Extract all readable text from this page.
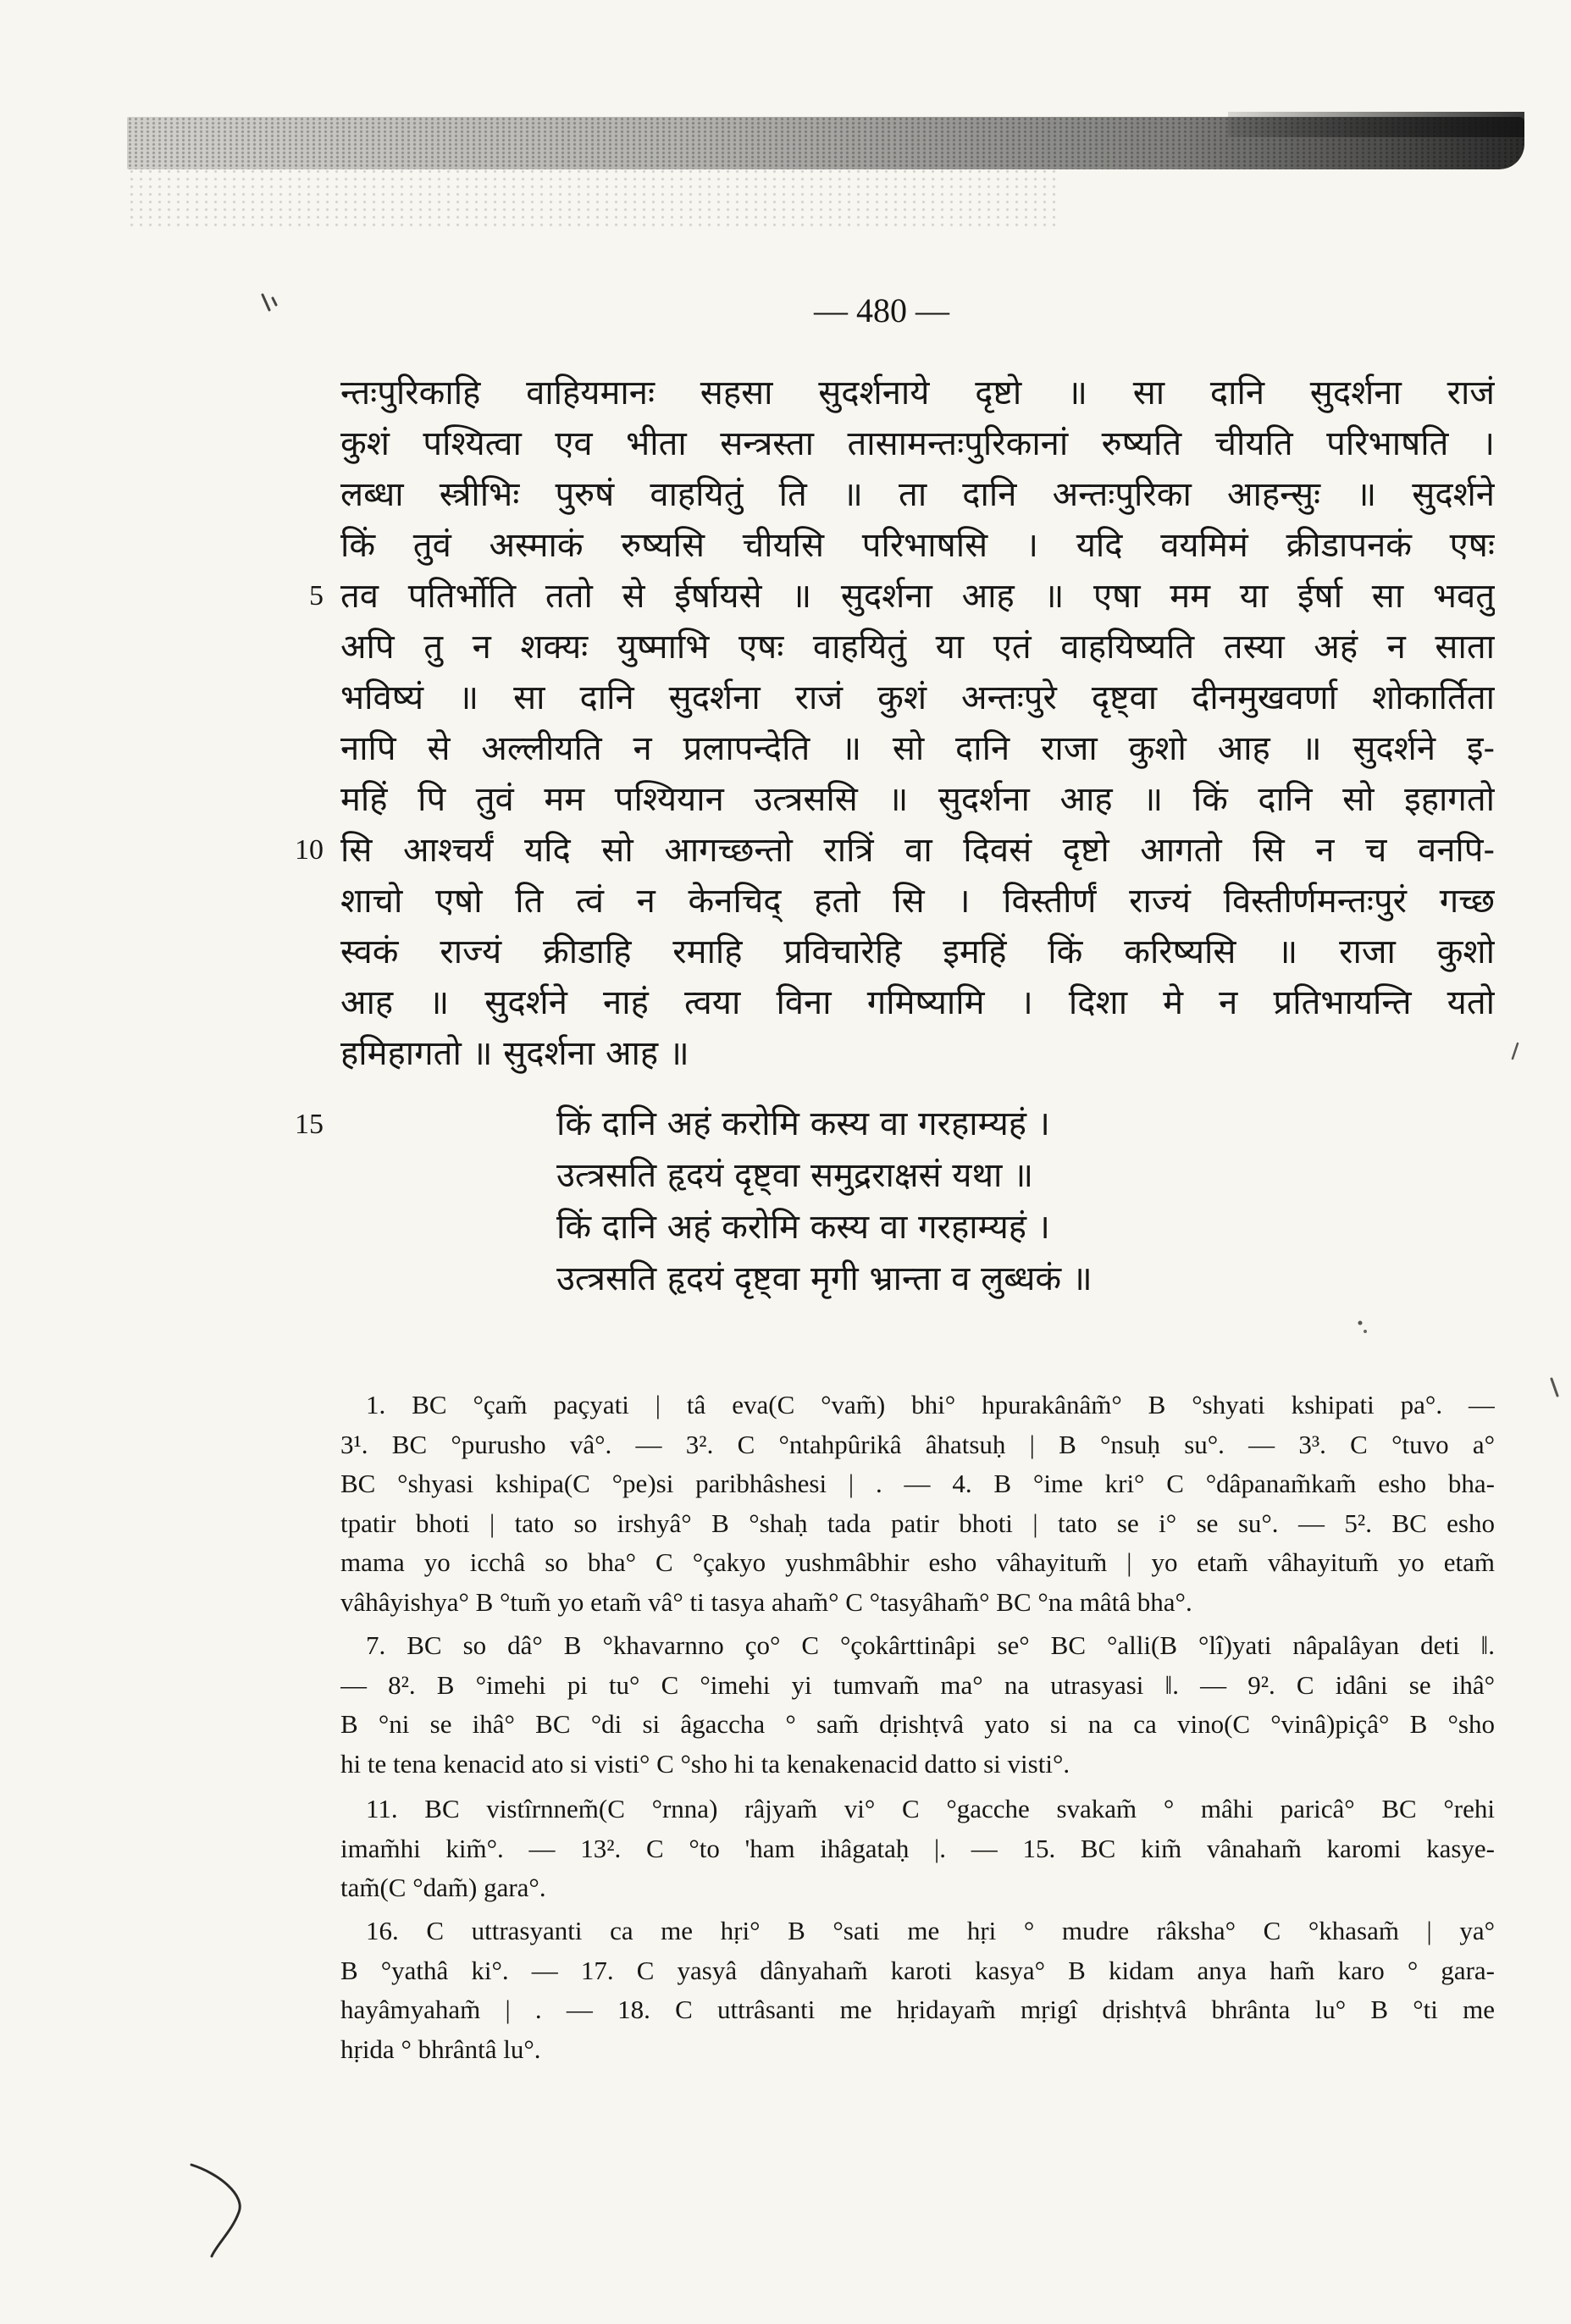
— 480 —
न्तःपुरिकाहि वाहियमानः सहसा सुदर्शनाये दृष्टो ॥ सा दानि सुदर्शना राजं
कुशं पश्यित्वा एव भीता सन्त्रस्ता तासामन्तःपुरिकानां रुष्यति चीयति परिभाषति ।
लब्धा स्त्रीभिः पुरुषं वाहयितुं ति ॥ ता दानि अन्तःपुरिका आहन्सुः ॥ सुदर्शने
किं तुवं अस्माकं रुष्यसि चीयसि परिभाषसि । यदि वयमिमं क्रीडापनकं एषः
तव पतिर्भोति ततो से ईर्षायसे ॥ सुदर्शना आह ॥ एषा मम या ईर्षा सा भवतु
अपि तु न शक्यः युष्माभि एषः वाहयितुं या एतं वाहयिष्यति तस्या अहं न साता
भविष्यं ॥ सा दानि सुदर्शना राजं कुशं अन्तःपुरे दृष्ट्वा दीनमुखवर्णा शोकार्तिता
नापि से अल्लीयति न प्रलापन्देति ॥ सो दानि राजा कुशो आह ॥ सुदर्शने इ-
महिं पि तुवं मम पश्यियान उत्त्रससि ॥ सुदर्शना आह ॥ किं दानि सो इहागतो
सि आश्चर्यं यदि सो आगच्छन्तो रात्रिं वा दिवसं दृष्टो आगतो सि न च वनपि-
शाचो एषो ति त्वं न केनचिद् हतो सि । विस्तीर्णं राज्यं विस्तीर्णमन्तःपुरं गच्छ
स्वकं राज्यं क्रीडाहि रमाहि प्रविचारेहि इमहिं किं करिष्यसि ॥ राजा कुशो
आह ॥ सुदर्शने नाहं त्वया विना गमिष्यामि । दिशा मे न प्रतिभायन्ति यतो
हमिहागतो ॥ सुदर्शना आह ॥
5
10
15	किं दानि अहं करोमि कस्य वा गरहाम्यहं ।
उत्त्रसति हृदयं दृष्ट्वा समुद्रराक्षसं यथा ॥
किं दानि अहं करोमि कस्य वा गरहाम्यहं ।
उत्त्रसति हृदयं दृष्ट्वा मृगी भ्रान्ता व लुब्धकं ॥
1. BC °çam̃ paçyati | tâ eva(C °vam̃) bhi° hpurakânâm̃° B °shyati kshipati pa°. —
3¹. BC °purusho vâ°. — 3². C °ntahpûrikâ âhatsuḥ | B °nsuḥ su°. — 3³. C °tuvo a°
BC °shyasi kshipa(C °pe)si paribhâshesi | . — 4. B °ime kri° C °dâpanam̃kam̃ esho bha-
tpatir bhoti | tato so irshyâ° B °shaḥ tada patir bhoti | tato se i° se su°. — 5². BC esho
mama yo icchâ so bha° C °çakyo yushmâbhir esho vâhayitum̃ | yo etam̃ vâhayitum̃ yo etam̃
vâhâyishya° B °tum̃ yo etam̃ vâ° ti tasya aham̃° C °tasyâham̃° BC °na mâtâ bha°.
7. BC so dâ° B °khavarnno ço° C °çokârttinâpi se° BC °alli(B °lî)yati nâpalâyan deti ‖.
— 8². B °imehi pi tu° C °imehi yi tumvam̃ ma° na utrasyasi ‖. — 9². C idâni se ihâ°
B °ni se ihâ° BC °di si âgaccha ° sam̃ dṛishṭvâ yato si na ca vino(C °vinâ)piçâ° B °sho
hi te tena kenacid ato si visti° C °sho hi ta kenakenacid datto si visti°.
11. BC vistîrnnem̃(C °rnna) râjyam̃ vi° C °gacche svakam̃ ° mâhi paricâ° BC °rehi
imam̃hi kim̃°. — 13². C °to 'ham ihâgataḥ |. — 15. BC kim̃ vânaham̃ karomi kasye-
tam̃(C °dam̃) gara°.
16. C uttrasyanti ca me hṛi° B °sati me hṛi ° mudre râksha° C °khasam̃ | ya°
B °yathâ ki°. — 17. C yasyâ dânyaham̃ karoti kasya° B kidam anya ham̃ karo ° gara-
hayâmyaham̃ | . — 18. C uttrâsanti me hṛidayam̃ mṛigî dṛishṭvâ bhrânta lu° B °ti me
hṛida ° bhrântâ lu°.
